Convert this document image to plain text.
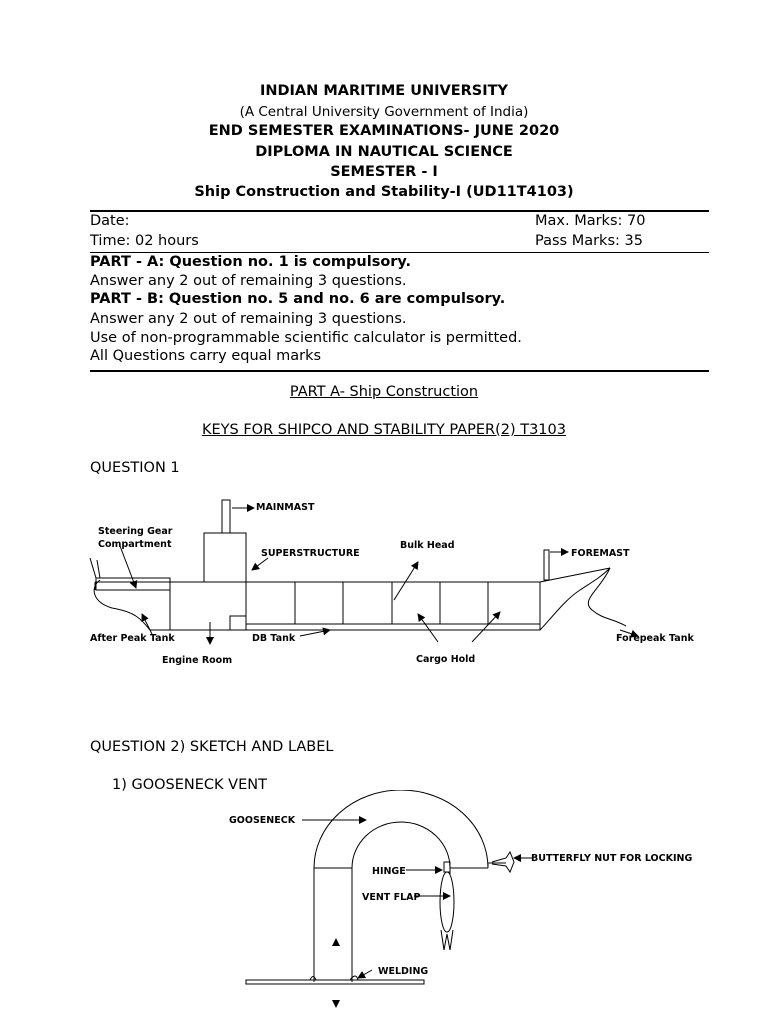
INDIAN MARITIME UNIVERSITY
(A Central University Government of India)
END SEMESTER EXAMINATIONS- JUNE 2020
DIPLOMA IN NAUTICAL SCIENCE
SEMESTER - I
Ship Construction and Stability-I (UD11T4103)
Date:	Max. Marks: 70
Time: 02 hours	Pass Marks: 35
PART - A: Question no. 1 is compulsory.
Answer any 2 out of remaining 3 questions.
PART - B: Question no. 5 and no. 6 are compulsory.
Answer any 2 out of remaining 3 questions.
Use of non-programmable scientific calculator is permitted.
All Questions carry equal marks
PART A- Ship Construction
KEYS FOR SHIPCO AND STABILITY PAPER(2) T3103
QUESTION 1
MAINMAST
Steering Gear
Compartment
SUPERSTRUCTURE
Bulk Head
FOREMAST
After Peak Tank	DB Tank	Forepeak Tank
Engine Room	Cargo Hold
QUESTION 2) SKETCH AND LABEL
1) GOOSENECK VENT
GOOSENECK
HINGE
VENT FLAP
BUTTERFLY NUT FOR LOCKING
WELDING
